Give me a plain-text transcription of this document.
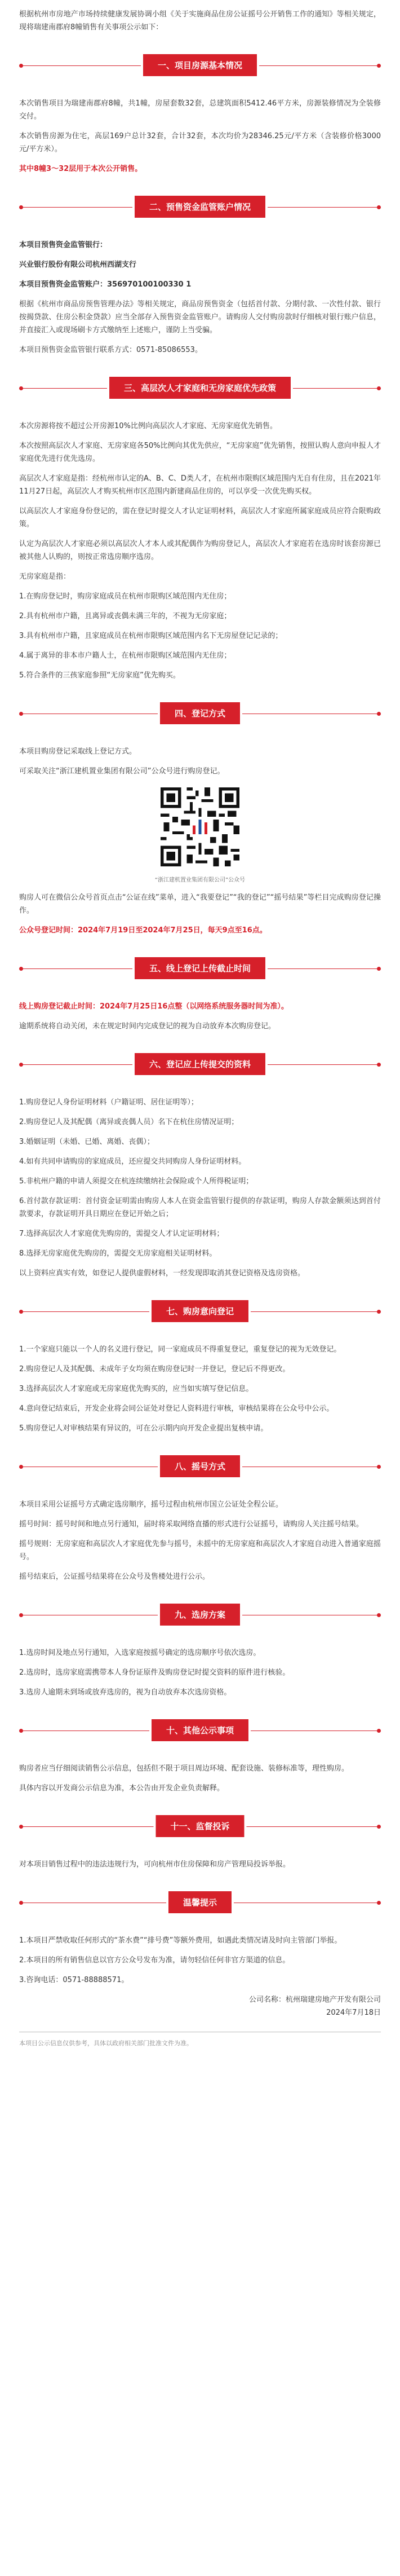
根据杭州市房地产市场持续健康发展协调小组《关于实施商品住房公证摇号公开销售工作的通知》等相关规定，现将瑞建南郡府8幢销售有关事项公示如下：

一、项目房源基本情况

本次销售项目为瑞建南郡府8幢，共1幢，房屋套数32套，总建筑面积5412.46平方米，房源装修情况为全装修交付。

本次销售房源为住宅，高层169户总计32套，合计32套，本次均价为28346.25元/平方米（含装修价格3000元/平方米）。

其中8幢3～32层用于本次公开销售。

二、预售资金监管账户情况

本项目预售资金监管银行：

兴业银行股份有限公司杭州西湖支行

本项目预售资金监管账户：356970100100330 1

根据《杭州市商品房预售管理办法》等相关规定，商品房预售资金（包括首付款、分期付款、一次性付款、银行按揭贷款、住房公积金贷款）应当全部存入预售资金监管账户。请购房人交付购房款时仔细核对银行账户信息，并直接汇入或现场刷卡方式缴纳至上述账户，谨防上当受骗。

本项目预售资金监管银行联系方式：0571-85086553。

三、高层次人才家庭和无房家庭优先政策

本次房源将按不超过公开房源10%比例向高层次人才家庭、无房家庭优先销售。

本次按照高层次人才家庭、无房家庭各50%比例向其优先供应，“无房家庭”优先销售，按照认购人意向申报人才家庭优先进行优先选房。

高层次人才家庭是指：经杭州市认定的A、B、C、D类人才，在杭州市限购区域范围内无自有住房，且在2021年11月27日起，高层次人才购买杭州市区范围内新建商品住房的，可以享受一次优先购买权。

以高层次人才家庭身份登记的，需在登记时提交人才认定证明材料，高层次人才家庭所属家庭成员应符合限购政策。

认定为高层次人才家庭必须以高层次人才本人或其配偶作为购房登记人，高层次人才家庭若在选房时该套房源已被其他人认购的，则按正常选房顺序选房。

无房家庭是指：

1.在购房登记时，购房家庭成员在杭州市限购区域范围内无住房；

2.具有杭州市户籍，且离异或丧偶未满三年的，不视为无房家庭；

3.具有杭州市户籍，且家庭成员在杭州市限购区域范围内名下无房屋登记记录的；

4.属于离异的非本市户籍人士，在杭州市限购区域范围内无住房；

5.符合条件的三孩家庭参照“无房家庭”优先购买。

四、登记方式

本项目购房登记采取线上登记方式。

可采取关注“浙江建机置业集团有限公司”公众号进行购房登记。

“浙江建机置业集团有限公司”公众号

购房人可在微信公众号首页点击“公证在线”菜单，进入“我要登记”“我的登记”“摇号结果”等栏目完成购房登记操作。

公众号登记时间：2024年7月19日至2024年7月25日，每天9点至16点。

五、线上登记上传截止时间

线上购房登记截止时间：2024年7月25日16点整（以网络系统服务器时间为准）。

逾期系统将自动关闭，未在规定时间内完成登记的视为自动放弃本次购房登记。

六、登记应上传提交的资料

1.购房登记人身份证明材料（户籍证明、居住证明等）；

2.购房登记人及其配偶（离异或丧偶人员）名下在杭住房情况证明；

3.婚姻证明（未婚、已婚、离婚、丧偶）；

4.如有共同申请购房的家庭成员，还应提交共同购房人身份证明材料。

5.非杭州户籍的申请人须提交在杭连续缴纳社会保险或个人所得税证明；

6.首付款存款证明：首付资金证明需由购房人本人在资金监管银行提供的存款证明，购房人存款金额须达到首付款要求，存款证明开具日期应在登记开始之后；

7.选择高层次人才家庭优先购房的，需提交人才认定证明材料；

8.选择无房家庭优先购房的，需提交无房家庭相关证明材料。

以上资料应真实有效，如登记人提供虚假材料，一经发现即取消其登记资格及选房资格。

七、购房意向登记

1.一个家庭只能以一个人的名义进行登记，同一家庭成员不得重复登记，重复登记的视为无效登记。

2.购房登记人及其配偶、未成年子女均须在购房登记时一并登记，登记后不得更改。

3.选择高层次人才家庭或无房家庭优先购买的，应当如实填写登记信息。

4.意向登记结束后，开发企业将会同公证处对登记人资料进行审核，审核结果将在公众号中公示。

5.购房登记人对审核结果有异议的，可在公示期内向开发企业提出复核申请。

八、摇号方式

本项目采用公证摇号方式确定选房顺序，摇号过程由杭州市国立公证处全程公证。

摇号时间：摇号时间和地点另行通知，届时将采取网络直播的形式进行公证摇号，请购房人关注摇号结果。

摇号规则：无房家庭和高层次人才家庭优先参与摇号，未摇中的无房家庭和高层次人才家庭自动进入普通家庭摇号。

摇号结束后，公证摇号结果将在公众号及售楼处进行公示。

九、选房方案

1.选房时间及地点另行通知，入选家庭按摇号确定的选房顺序号依次选房。

2.选房时，选房家庭需携带本人身份证原件及购房登记时提交资料的原件进行核验。

3.选房人逾期未到场或放弃选房的，视为自动放弃本次选房资格。

十、其他公示事项

购房者应当仔细阅读销售公示信息，包括但不限于项目周边环境、配套设施、装修标准等，理性购房。

具体内容以开发商公示信息为准，本公告由开发企业负责解释。

十一、监督投诉

对本项目销售过程中的违法违规行为，可向杭州市住房保障和房产管理局投诉举报。

温馨提示

1.本项目严禁收取任何形式的“茶水费”“排号费”等额外费用，如遇此类情况请及时向主管部门举报。

2.本项目的所有销售信息以官方公众号发布为准，请勿轻信任何非官方渠道的信息。

3.咨询电话：0571-88888571。

公司名称：杭州瑞建房地产开发有限公司
2024年7月18日

本项目公示信息仅供参考，具体以政府相关部门批准文件为准。
